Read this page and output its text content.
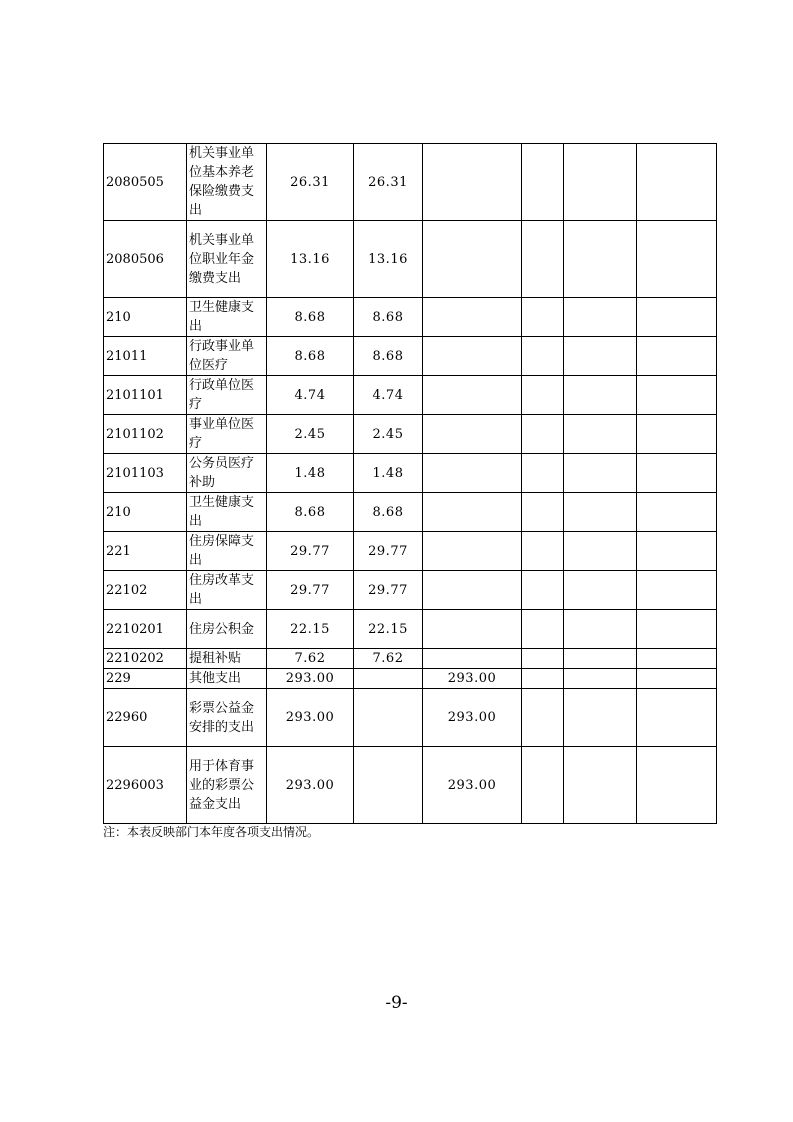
2080505	机关事业单位基本养老保险缴费支出	26.31	26.31				
2080506	机关事业单位职业年金缴费支出	13.16	13.16				
210	卫生健康支出	8.68	8.68				
21011	行政事业单位医疗	8.68	8.68				
2101101	行政单位医疗	4.74	4.74				
2101102	事业单位医疗	2.45	2.45				
2101103	公务员医疗补助	1.48	1.48				
210	卫生健康支出	8.68	8.68				
221	住房保障支出	29.77	29.77				
22102	住房改革支出	29.77	29.77				
2210201	住房公积金	22.15	22.15				
2210202	提租补贴	7.62	7.62				
229	其他支出	293.00		293.00			
22960	彩票公益金安排的支出	293.00		293.00			
2296003	用于体育事业的彩票公益金支出	293.00		293.00			
注：本表反映部门本年度各项支出情况。
-9-
